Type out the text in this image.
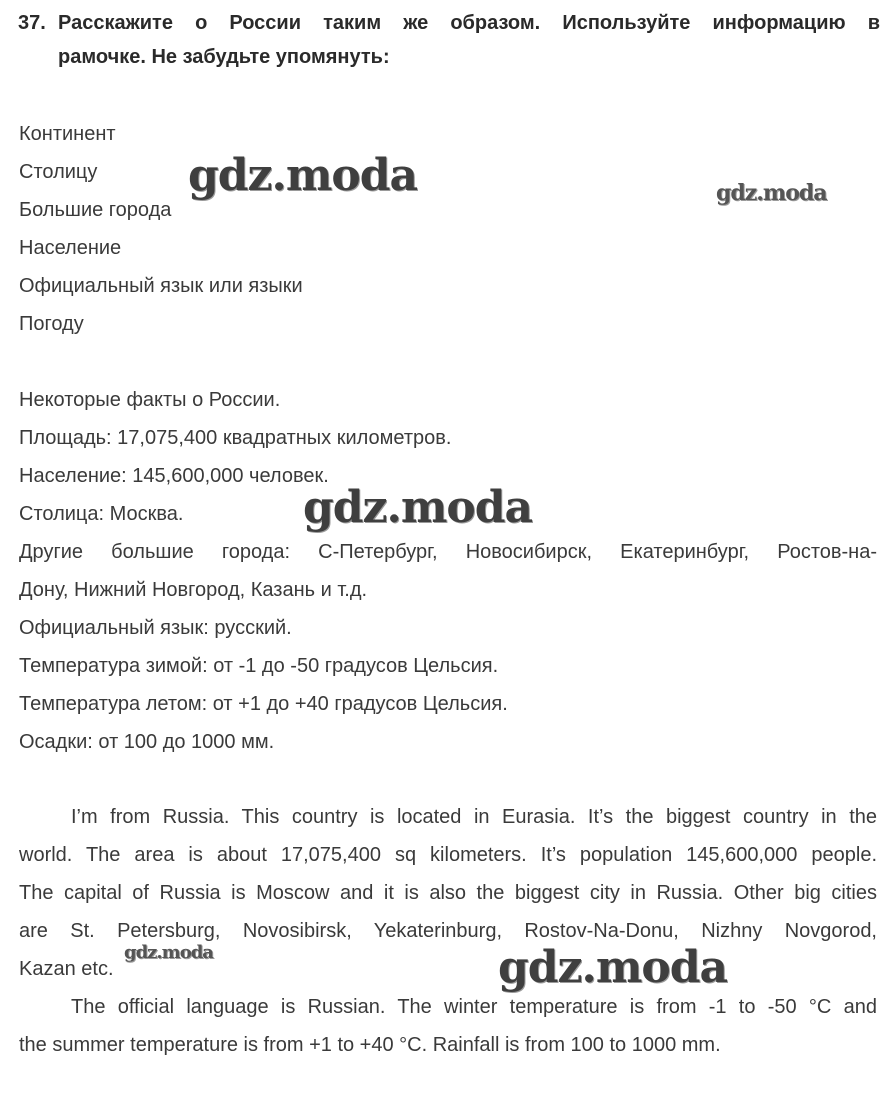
37. Расскажите о России таким же образом. Используйте информацию в
рамочке. Не забудьте упомянуть:
Континент
Столицу
Большие города
Население
Официальный язык или языки
Погоду
Некоторые факты о России.
Площадь: 17,075,400 квадратных километров.
Население: 145,600,000 человек.
Столица: Москва.
Другие большие города: С-Петербург, Новосибирск, Екатеринбург, Ростов-на-
Дону, Нижний Новгород, Казань и т.д.
Официальный язык: русский.
Температура зимой: от -1 до -50 градусов Цельсия.
Температура летом: от +1 до +40 градусов Цельсия.
Осадки: от 100 до 1000 мм.
I’m from Russia. This country is located in Eurasia. It’s the biggest country in the
world. The area is about 17,075,400 sq kilometers. It’s population 145,600,000 people.
The capital of Russia is Moscow and it is also the biggest city in Russia. Other big cities
are St. Petersburg, Novosibirsk, Yekaterinburg, Rostov-Na-Donu, Nizhny Novgorod,
Kazan etc.
The official language is Russian. The winter temperature is from -1 to -50 °C and
the summer temperature is from +1 to +40 °C. Rainfall is from 100 to 1000 mm.
gdz.moda	gdz.moda
gdz.moda
gdz.moda	gdz.moda
